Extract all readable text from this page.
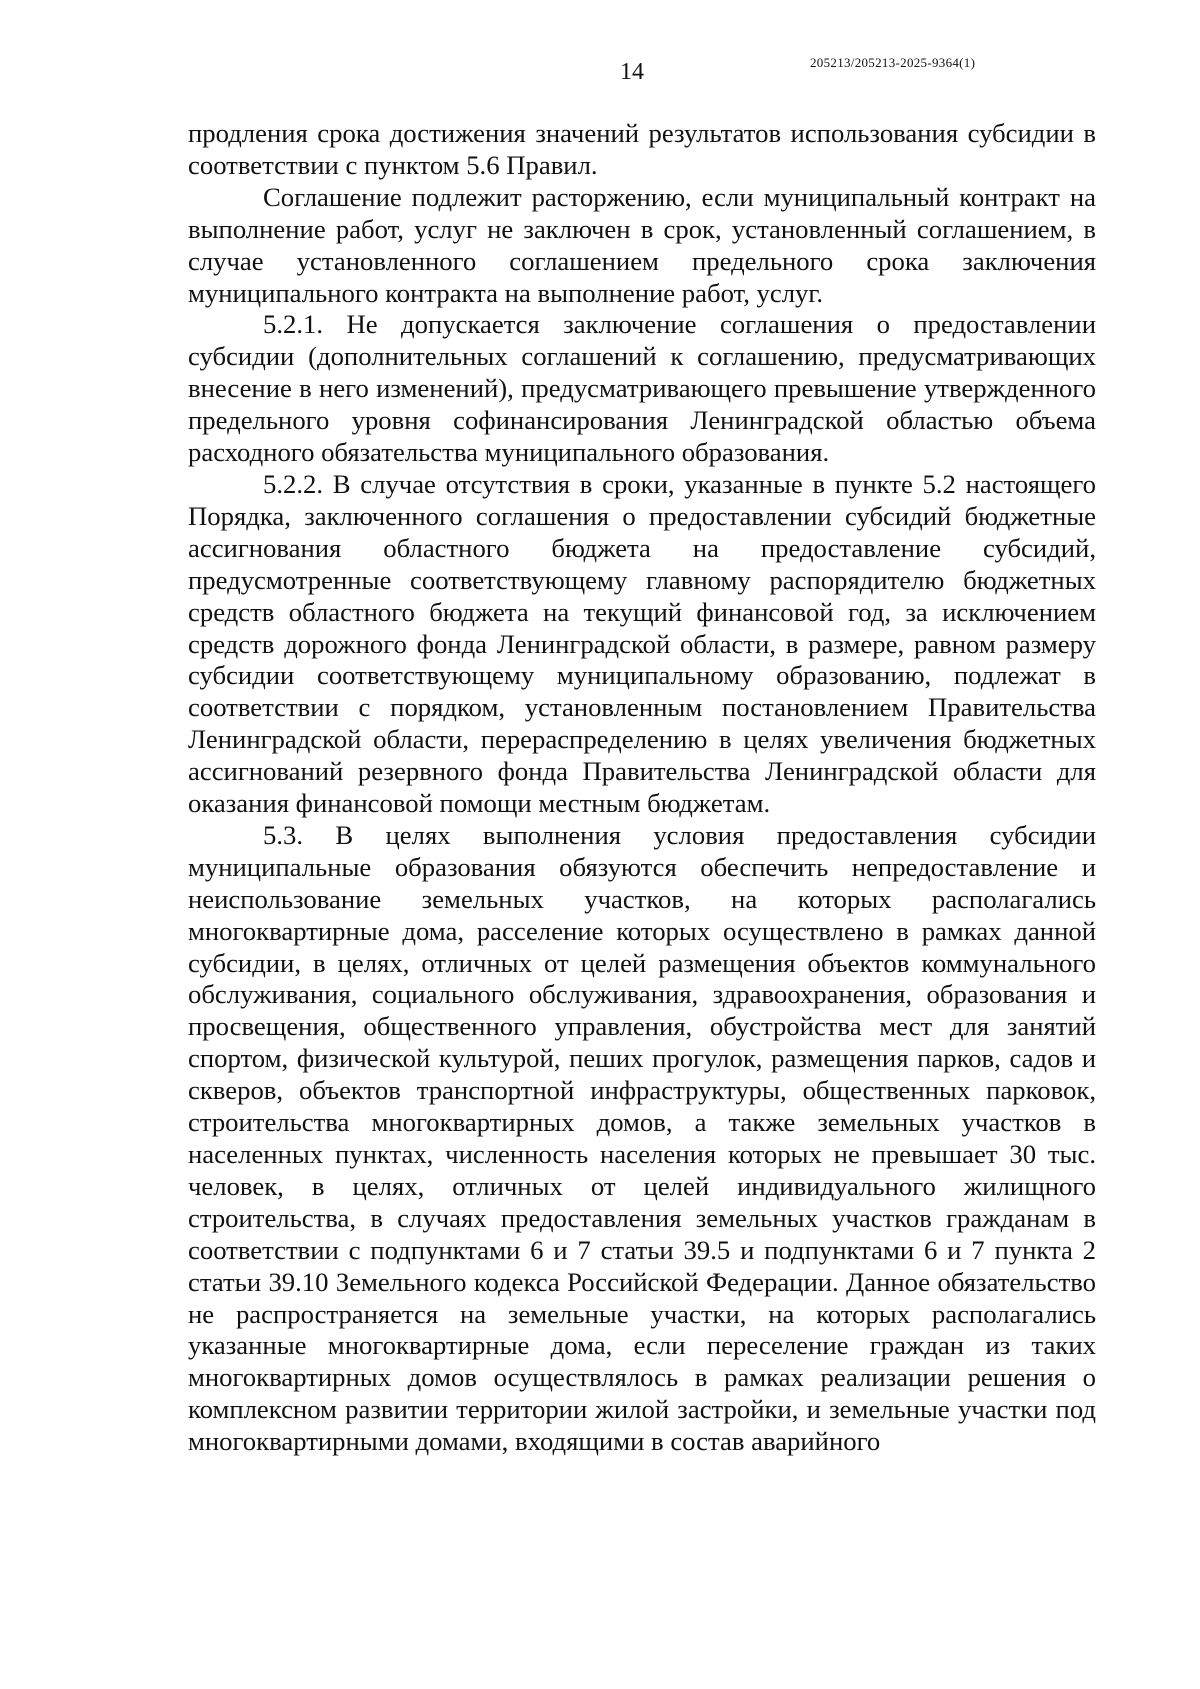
14	205213/205213-2025-9364(1)

продления срока достижения значений результатов использования субсидии в соответствии с пунктом 5.6 Правил.

Соглашение подлежит расторжению, если муниципальный контракт на выполнение работ, услуг не заключен в срок, установленный соглашением, в случае установленного соглашением предельного срока заключения муниципального контракта на выполнение работ, услуг.

5.2.1. Не допускается заключение соглашения о предоставлении субсидии (дополнительных соглашений к соглашению, предусматривающих внесение в него изменений), предусматривающего превышение утвержденного предельного уровня софинансирования Ленинградской областью объема расходного обязательства муниципального образования.

5.2.2. В случае отсутствия в сроки, указанные в пункте 5.2 настоящего Порядка, заключенного соглашения о предоставлении субсидий бюджетные ассигнования областного бюджета на предоставление субсидий, предусмотренные соответствующему главному распорядителю бюджетных средств областного бюджета на текущий финансовой год, за исключением средств дорожного фонда Ленинградской области, в размере, равном размеру субсидии соответствующему муниципальному образованию, подлежат в соответствии с порядком, установленным постановлением Правительства Ленинградской области, перераспределению в целях увеличения бюджетных ассигнований резервного фонда Правительства Ленинградской области для оказания финансовой помощи местным бюджетам.

5.3. В целях выполнения условия предоставления субсидии муниципальные образования обязуются обеспечить непредоставление и неиспользование земельных участков, на которых располагались многоквартирные дома, расселение которых осуществлено в рамках данной субсидии, в целях, отличных от целей размещения объектов коммунального обслуживания, социального обслуживания, здравоохранения, образования и просвещения, общественного управления, обустройства мест для занятий спортом, физической культурой, пеших прогулок, размещения парков, садов и скверов, объектов транспортной инфраструктуры, общественных парковок, строительства многоквартирных домов, а также земельных участков в населенных пунктах, численность населения которых не превышает 30 тыс. человек, в целях, отличных от целей индивидуального жилищного строительства, в случаях предоставления земельных участков гражданам в соответствии с подпунктами 6 и 7 статьи 39.5 и подпунктами 6 и 7 пункта 2 статьи 39.10 Земельного кодекса Российской Федерации. Данное обязательство не распространяется на земельные участки, на которых располагались указанные многоквартирные дома, если переселение граждан из таких многоквартирных домов осуществлялось в рамках реализации решения о комплексном развитии территории жилой застройки, и земельные участки под многоквартирными домами, входящими в состав аварийного
